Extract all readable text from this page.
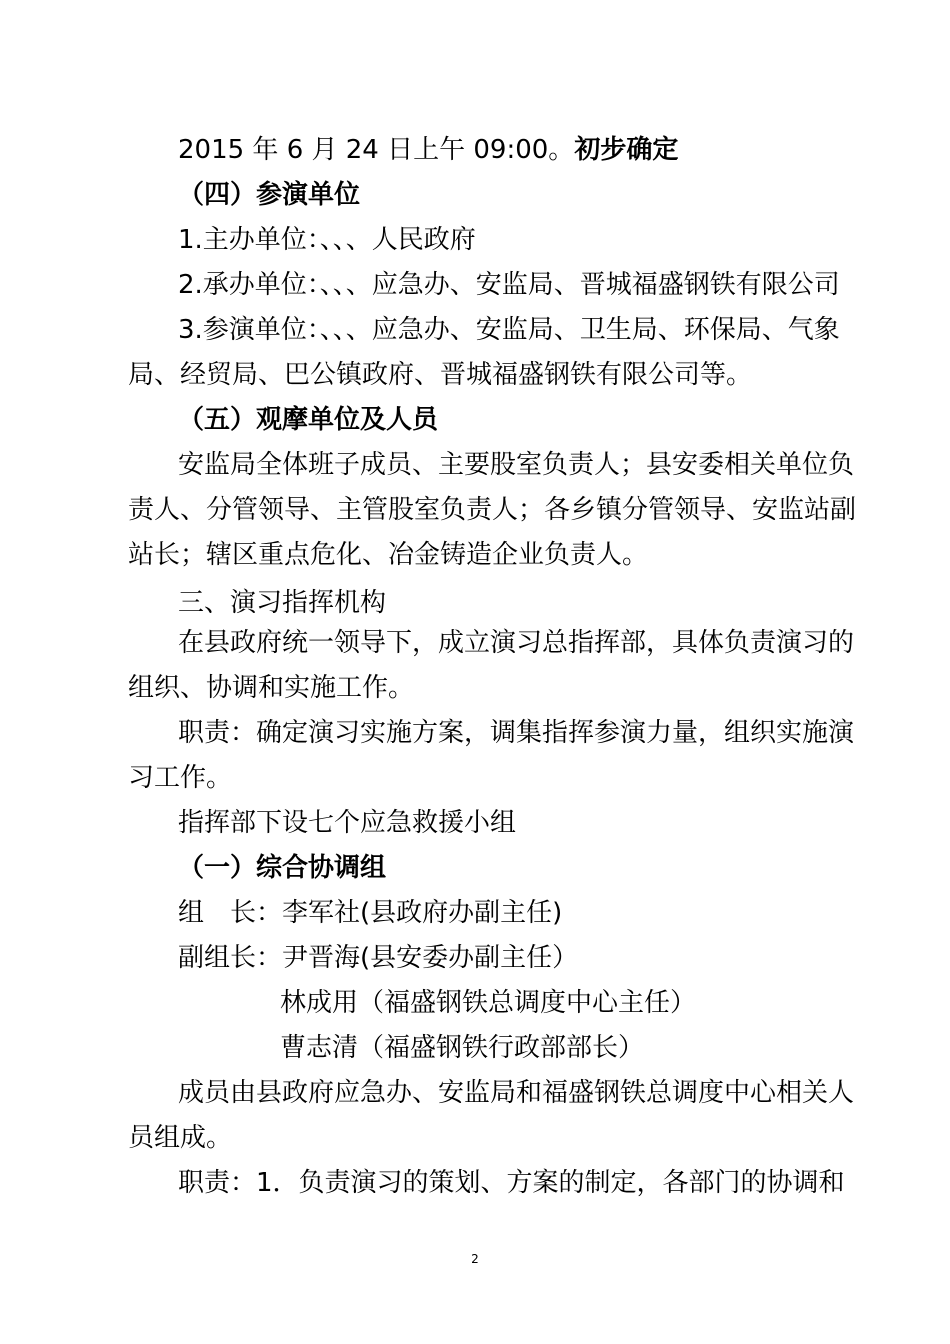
2015 年 6 月 24 日上午 09:00。初步确定
（四）参演单位
1.主办单位：、、、人民政府
2.承办单位：、、、应急办、安监局、晋城福盛钢铁有限公司
3.参演单位：、、、应急办、安监局、卫生局、环保局、气象
局、经贸局、巴公镇政府、晋城福盛钢铁有限公司等。
（五）观摩单位及人员
安监局全体班子成员、主要股室负责人；县安委相关单位负
责人、分管领导、主管股室负责人；各乡镇分管领导、安监站副
站长；辖区重点危化、冶金铸造企业负责人。
三、演习指挥机构
在县政府统一领导下，成立演习总指挥部，具体负责演习的
组织、协调和实施工作。
职责：确定演习实施方案，调集指挥参演力量，组织实施演
习工作。
指挥部下设七个应急救援小组
（一）综合协调组
组　长：李军社(县政府办副主任)
副组长：尹晋海(县安委办副主任）
林成用（福盛钢铁总调度中心主任）
曹志清（福盛钢铁行政部部长）
成员由县政府应急办、安监局和福盛钢铁总调度中心相关人
员组成。
职责：1．负责演习的策划、方案的制定，各部门的协调和
2
